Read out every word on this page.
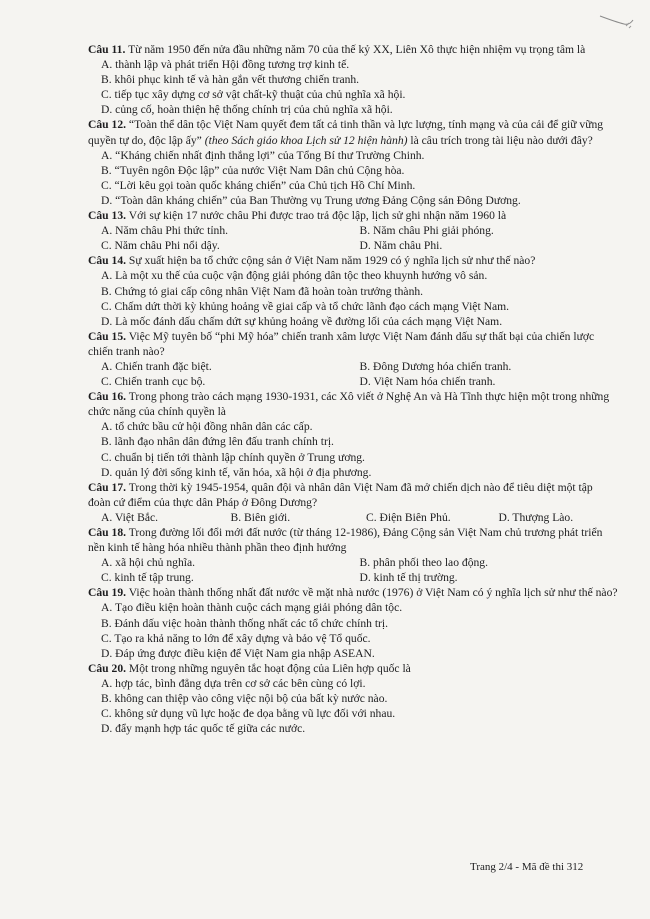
Câu 11. Từ năm 1950 đến nửa đầu những năm 70 của thế kỷ XX, Liên Xô thực hiện nhiệm vụ trọng tâm là

A. thành lập và phát triển Hội đồng tương trợ kinh tế.

B. khôi phục kinh tế và hàn gắn vết thương chiến tranh.

C. tiếp tục xây dựng cơ sở vật chất-kỹ thuật của chủ nghĩa xã hội.

D. củng cố, hoàn thiện hệ thống chính trị của chủ nghĩa xã hội.

Câu 12. “Toàn thể dân tộc Việt Nam quyết đem tất cả tinh thần và lực lượng, tính mạng và của cải để giữ vững quyền tự do, độc lập ấy” (theo Sách giáo khoa Lịch sử 12 hiện hành) là câu trích trong tài liệu nào dưới đây?

A. “Kháng chiến nhất định thắng lợi” của Tổng Bí thư Trường Chinh.

B. “Tuyên ngôn Độc lập” của nước Việt Nam Dân chủ Cộng hòa.

C. “Lời kêu gọi toàn quốc kháng chiến” của Chủ tịch Hồ Chí Minh.

D. “Toàn dân kháng chiến” của Ban Thường vụ Trung ương Đảng Cộng sản Đông Dương.

Câu 13. Với sự kiện 17 nước châu Phi được trao trả độc lập, lịch sử ghi nhận năm 1960 là

A. Năm châu Phi thức tỉnh.	B. Năm châu Phi giải phóng.
C. Năm châu Phi nổi dậy.	D. Năm châu Phi.

Câu 14. Sự xuất hiện ba tổ chức cộng sản ở Việt Nam năm 1929 có ý nghĩa lịch sử như thế nào?

A. Là một xu thế của cuộc vận động giải phóng dân tộc theo khuynh hướng vô sản.

B. Chứng tỏ giai cấp công nhân Việt Nam đã hoàn toàn trưởng thành.

C. Chấm dứt thời kỳ khủng hoảng về giai cấp và tổ chức lãnh đạo cách mạng Việt Nam.

D. Là mốc đánh dấu chấm dứt sự khủng hoảng về đường lối của cách mạng Việt Nam.

Câu 15. Việc Mỹ tuyên bố “phi Mỹ hóa” chiến tranh xâm lược Việt Nam đánh dấu sự thất bại của chiến lược chiến tranh nào?

A. Chiến tranh đặc biệt.	B. Đông Dương hóa chiến tranh.
C. Chiến tranh cục bộ.	D. Việt Nam hóa chiến tranh.

Câu 16. Trong phong trào cách mạng 1930-1931, các Xô viết ở Nghệ An và Hà Tĩnh thực hiện một trong những chức năng của chính quyền là

A. tổ chức bầu cử hội đồng nhân dân các cấp.

B. lãnh đạo nhân dân đứng lên đấu tranh chính trị.

C. chuẩn bị tiến tới thành lập chính quyền ở Trung ương.

D. quản lý đời sống kinh tế, văn hóa, xã hội ở địa phương.

Câu 17. Trong thời kỳ 1945-1954, quân đội và nhân dân Việt Nam đã mở chiến dịch nào để tiêu diệt một tập đoàn cứ điểm của thực dân Pháp ở Đông Dương?

A. Việt Bắc.	B. Biên giới.	C. Điện Biên Phủ.	D. Thượng Lào.

Câu 18. Trong đường lối đổi mới đất nước (từ tháng 12-1986), Đảng Cộng sản Việt Nam chủ trương phát triển nền kinh tế hàng hóa nhiều thành phần theo định hướng

A. xã hội chủ nghĩa.	B. phân phối theo lao động.
C. kinh tế tập trung.	D. kinh tế thị trường.

Câu 19. Việc hoàn thành thống nhất đất nước về mặt nhà nước (1976) ở Việt Nam có ý nghĩa lịch sử như thế nào?

A. Tạo điều kiện hoàn thành cuộc cách mạng giải phóng dân tộc.

B. Đánh dấu việc hoàn thành thống nhất các tổ chức chính trị.

C. Tạo ra khả năng to lớn để xây dựng và bảo vệ Tổ quốc.

D. Đáp ứng được điều kiện để Việt Nam gia nhập ASEAN.

Câu 20. Một trong những nguyên tắc hoạt động của Liên hợp quốc là

A. hợp tác, bình đẳng dựa trên cơ sở các bên cùng có lợi.

B. không can thiệp vào công việc nội bộ của bất kỳ nước nào.

C. không sử dụng vũ lực hoặc đe dọa bằng vũ lực đối với nhau.

D. đẩy mạnh hợp tác quốc tế giữa các nước.

Trang 2/4 - Mã đề thi 312
